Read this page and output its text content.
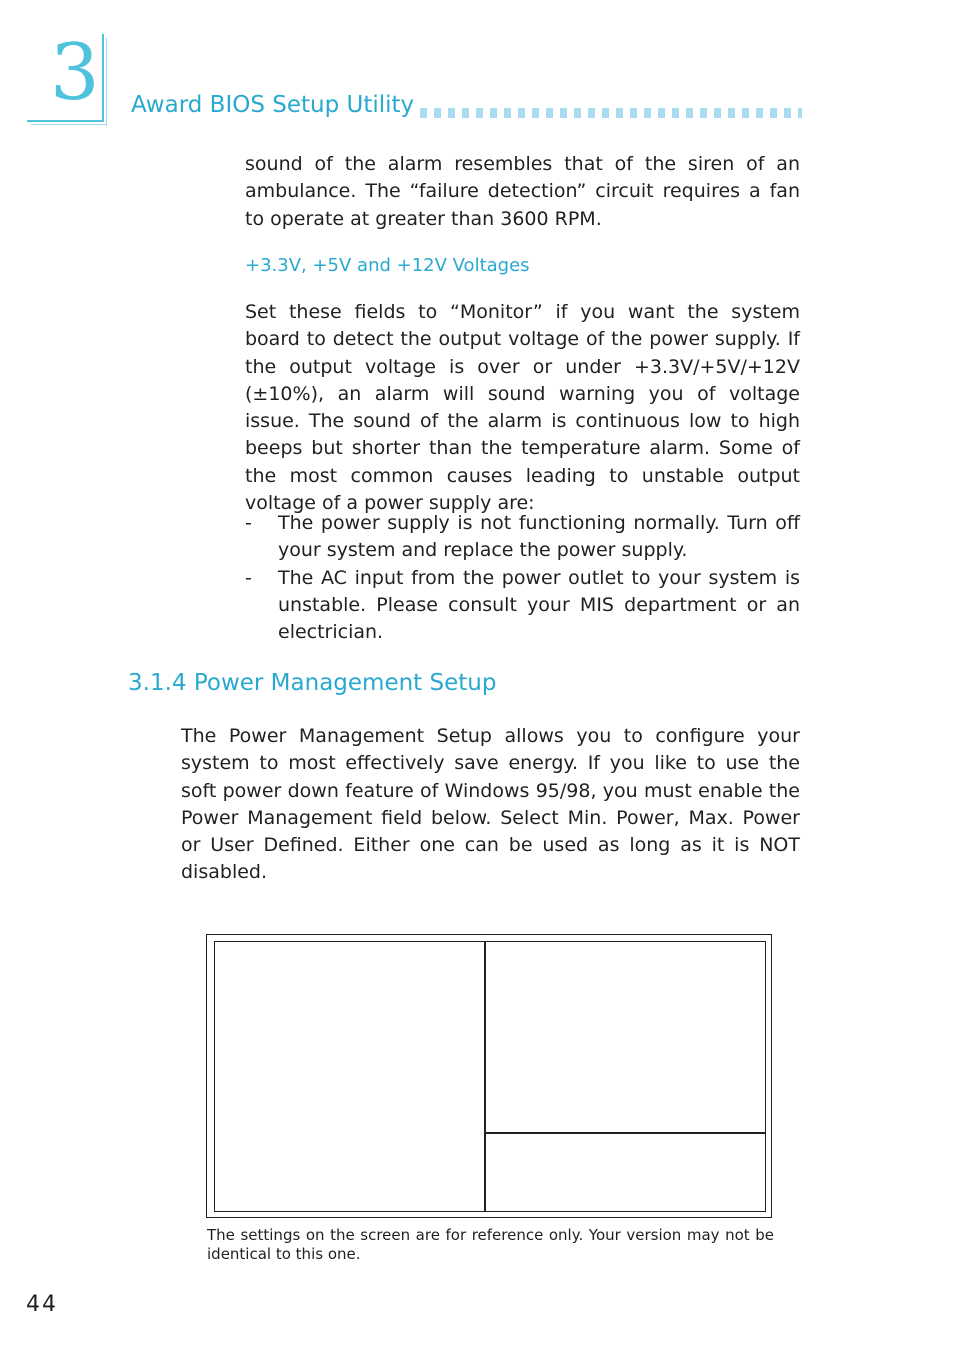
3 Award BIOS Setup Utility
sound of the alarm resembles that of the siren of an ambulance. The “failure detection” circuit requires a fan to operate at greater than 3600 RPM.
+3.3V, +5V and +12V Voltages
Set these fields to “Monitor” if you want the system board to detect the output voltage of the power supply. If the output voltage is over or under +3.3V/+5V/+12V (±10%), an alarm will sound warning you of voltage issue. The sound of the alarm is continuous low to high beeps but shorter than the temperature alarm. Some of the most common causes leading to unstable output voltage of a power supply are:
- The power supply is not functioning normally. Turn off your system and replace the power supply.
- The AC input from the power outlet to your system is unstable. Please consult your MIS department or an electrician.
3.1.4 Power Management Setup
The Power Management Setup allows you to configure your system to most effectively save energy. If you like to use the soft power down feature of Windows 95/98, you must enable the Power Management field below. Select Min. Power, Max. Power or User Defined. Either one can be used as long as it is NOT disabled.
The settings on the screen are for reference only. Your version may not be identical to this one.
44
